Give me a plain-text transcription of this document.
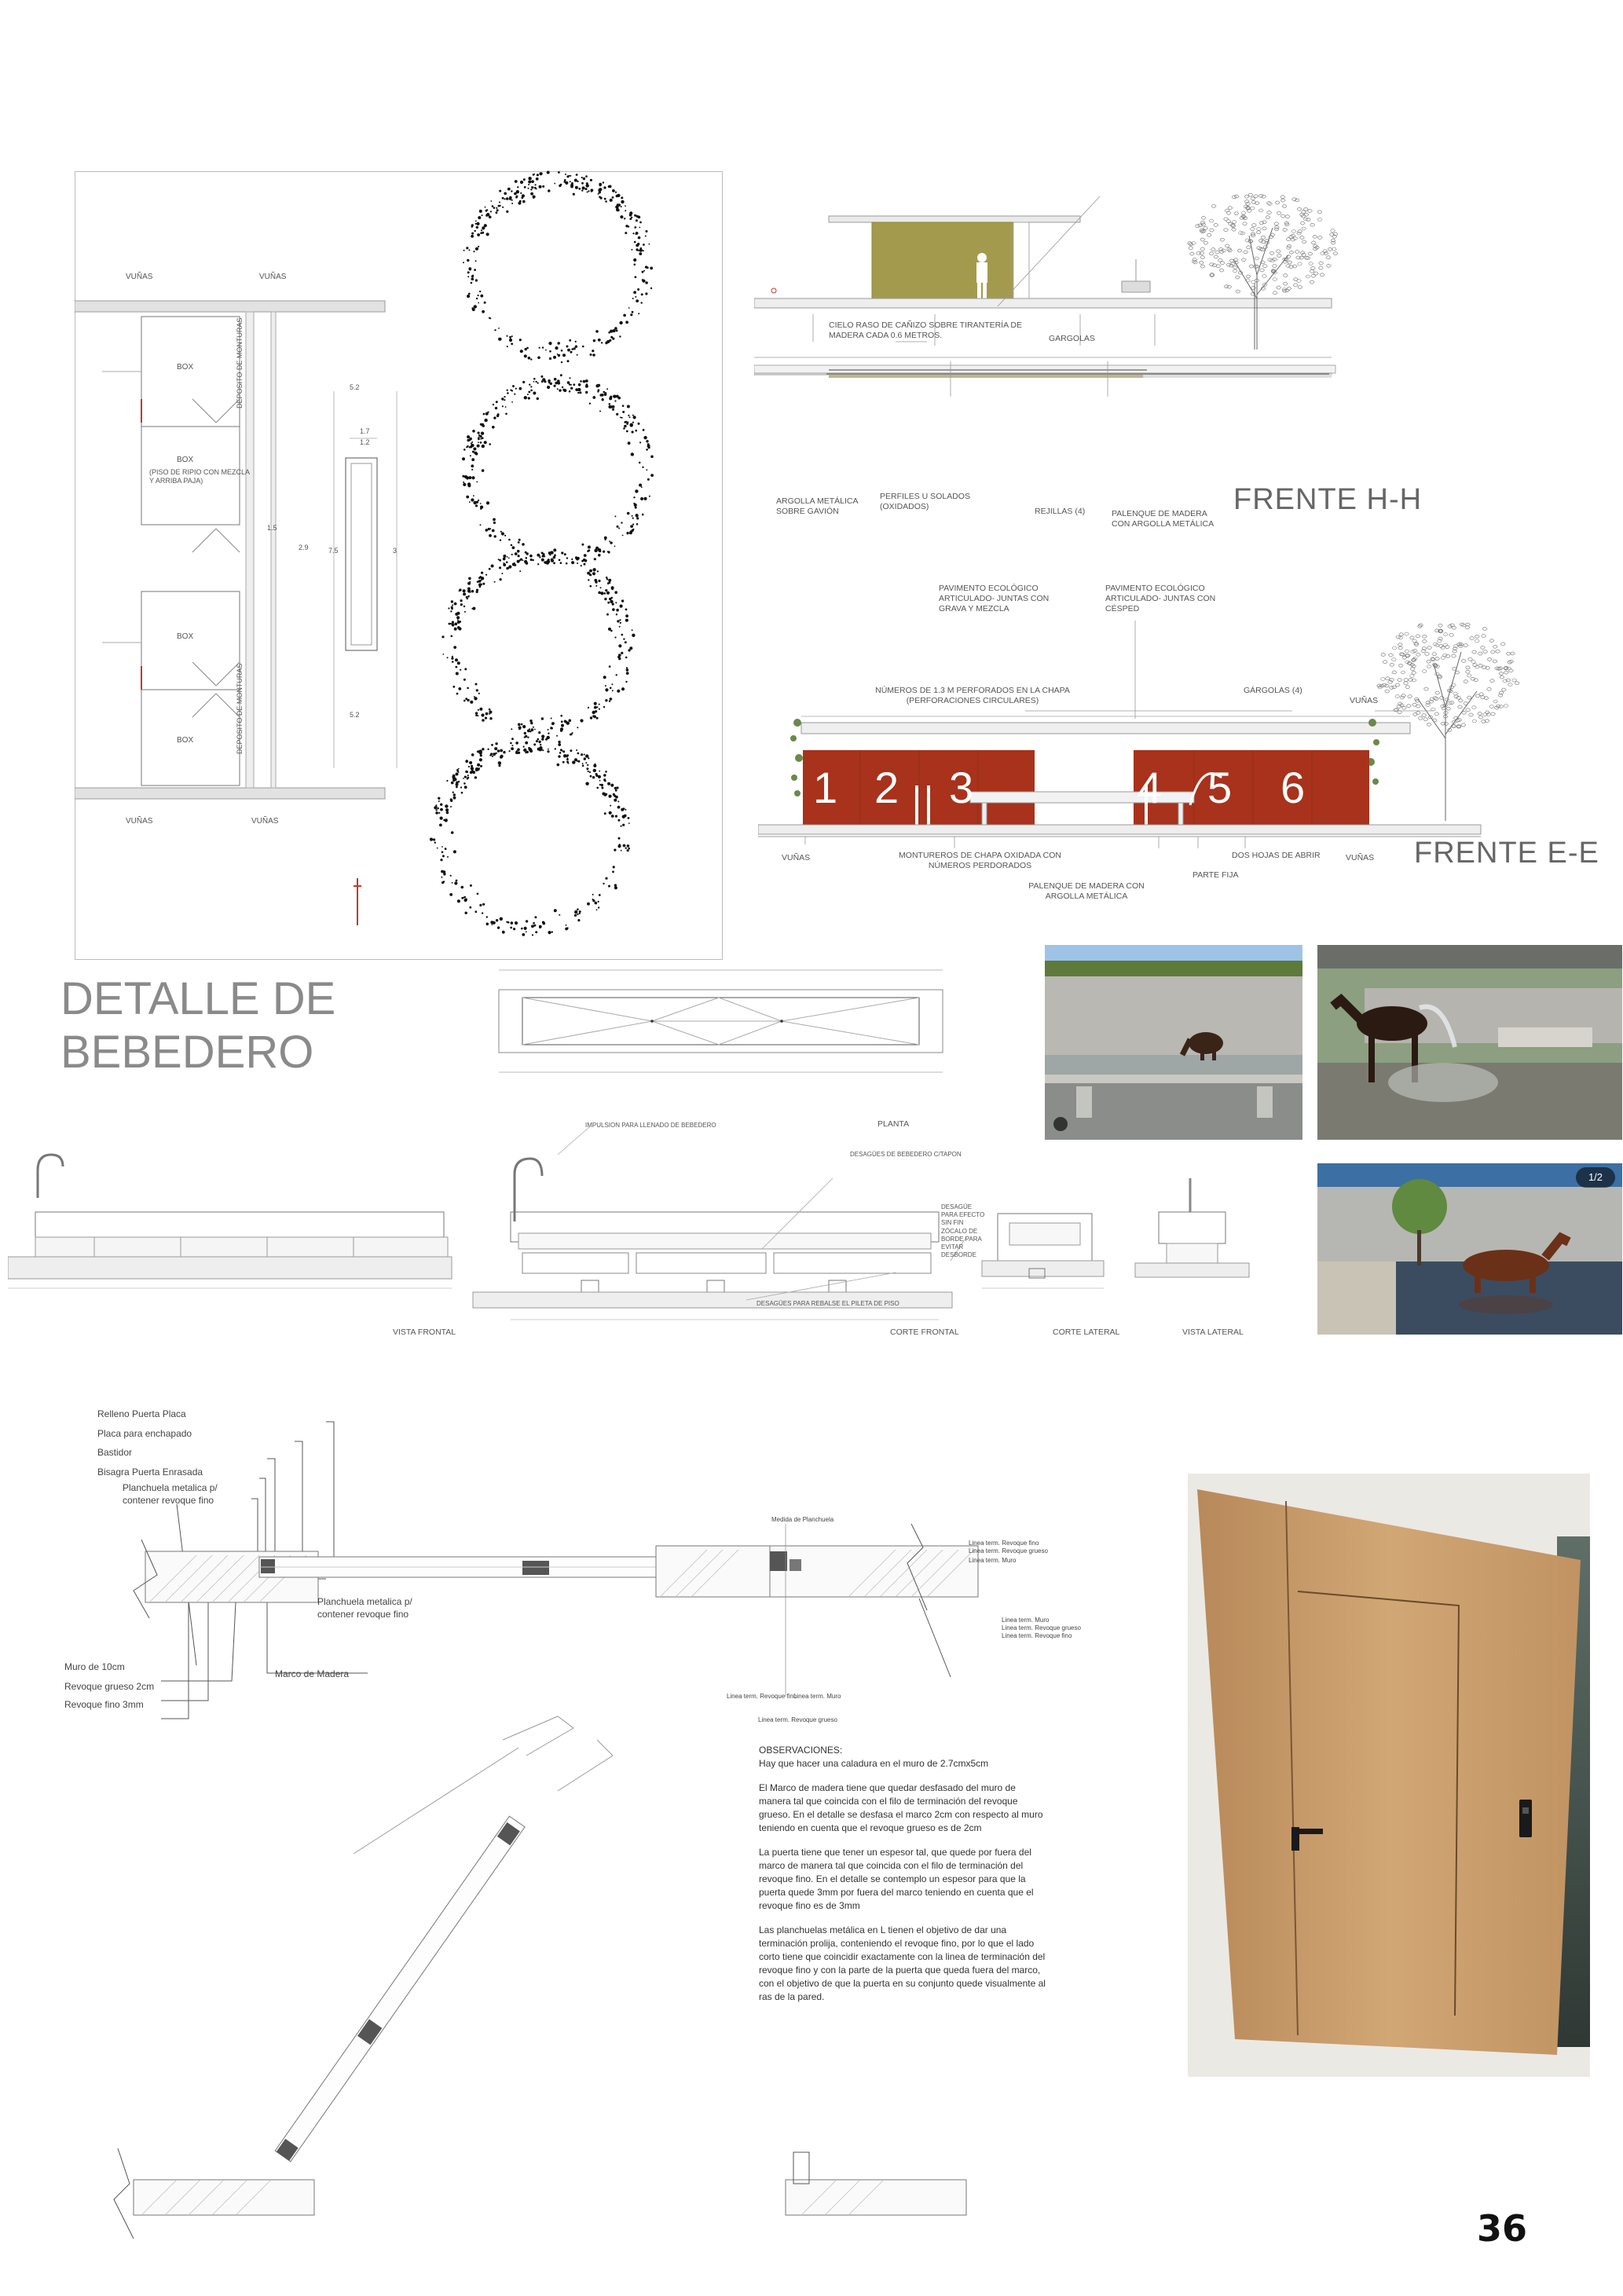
VUÑAS	VUÑAS
VUÑAS	VUÑAS
BOX
BOX
(PISO DE RIPIO CON MEZCLA Y ARRIBA PAJA)
BOX
BOX
DEPOSITO DE MONTURAS
DEPOSITO DE MONTURAS
5.2
1.7
1.2
1.5
7.5	3
2.9
5.2
CIELO RASO DE CAÑIZO SOBRE TIRANTERÍA DE MADERA CADA 0.6 METROS.	GARGOLAS
ARGOLLA METÁLICA SOBRE GAVIÓN
PERFILES U SOLADOS (OXIDADOS)	REJILLAS (4)	PALENQUE DE MADERA CON ARGOLLA METÁLICA
PAVIMENTO ECOLÓGICO ARTICULADO- JUNTAS CON GRAVA Y MEZCLA
PAVIMENTO ECOLÓGICO ARTICULADO- JUNTAS CON CÉSPED
FRENTE H-H
1 2 3	4 5 6
NÚMEROS DE 1.3 M PERFORADOS EN LA CHAPA (PERFORACIONES CIRCULARES)
GÁRGOLAS (4)
VUÑAS
VUÑAS	MONTUREROS DE CHAPA OXIDADA CON NÚMEROS PERDORADOS
DOS HOJAS DE ABRIR	VUÑAS
PARTE FIJA
PALENQUE DE MADERA CON ARGOLLA METÁLICA
FRENTE E-E
DETALLE DE
BEBEDERO
PLANTA
IMPULSION PARA LLENADO DE BEBEDERO
DESAGÜES DE BEBEDERO C/TAPON
DESAGÜE PARA EFECTO SIN FIN
ZÓCALO DE BORDE PARA EVITAR DESBORDE
DESAGÜES PARA REBALSE EL PILETA DE PISO
VISTA FRONTAL	CORTE FRONTAL	CORTE LATERAL	VISTA LATERAL
1/2
Relleno Puerta Placa
Placa para enchapado
Bastidor
Bisagra Puerta Enrasada
Planchuela metalica p/
contener revoque fino
Planchuela metalica p/
contener revoque fino
Muro de 10cm
Revoque grueso 2cm
Revoque fino 3mm
Marco de Madera
Medida de Planchuela
Linea term. Revoque fino
Linea term. Revoque grueso
Linea term. Muro
Linea term. Muro
Linea term. Revoque grueso
Linea term. Revoque fino
Linea term. Revoque fino
Linea term. Muro
Linea term. Revoque grueso
OBSERVACIONES:

Hay que hacer una caladura en el muro de 2.7cmx5cm

El Marco de madera tiene que quedar desfasado del muro de manera tal que coincida con el filo de terminación del revoque grueso. En el detalle se desfasa el marco 2cm con respecto al muro teniendo en cuenta que el revoque grueso es de 2cm

La puerta tiene que tener un espesor tal, que quede por fuera del marco de manera tal que coincida con el filo de terminación del revoque fino. En el detalle se contemplo un espesor para que la puerta quede 3mm por fuera del marco teniendo en cuenta que el revoque fino es de 3mm

Las planchuelas metálica en L tienen el objetivo de dar una terminación prolija, conteniendo el revoque fino, por lo que el lado corto tiene que coincidir exactamente con la linea de terminación del revoque fino y con la parte de la puerta que queda fuera del marco, con el objetivo de que la puerta en su conjunto quede visualmente al ras de la pared.

36
